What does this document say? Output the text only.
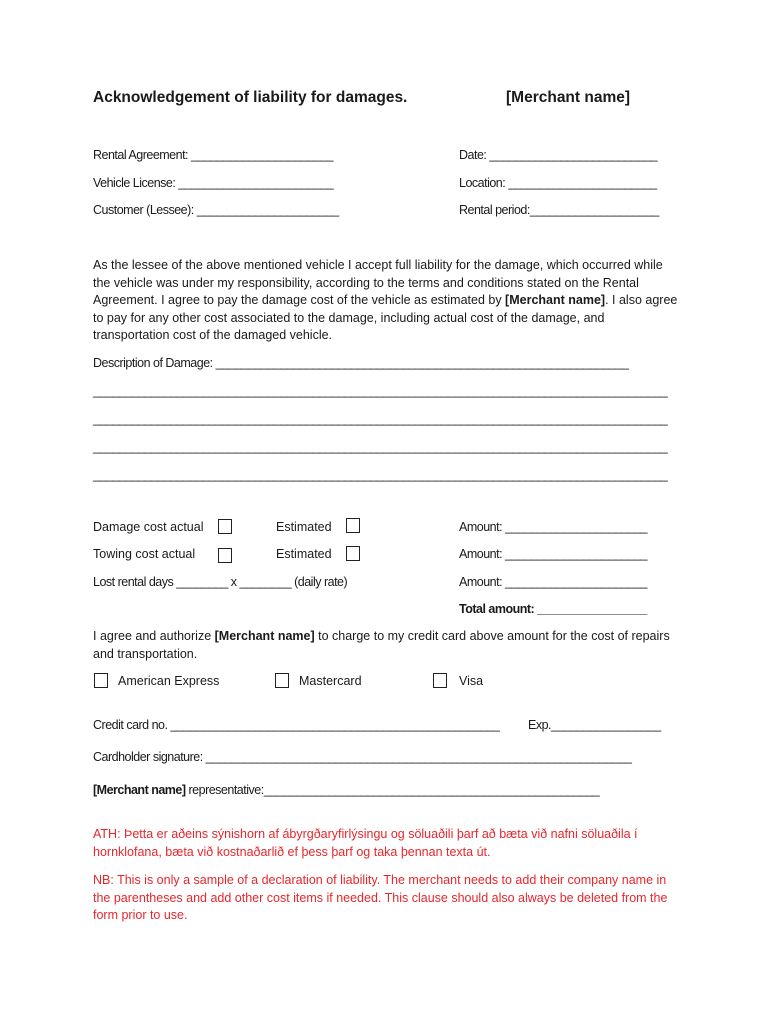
Acknowledgement of liability for damages.	[Merchant name]
Rental Agreement: ______________________	Date: __________________________
Vehicle License: ________________________	Location: _______________________
Customer (Lessee): ______________________	Rental period:____________________
As the lessee of the above mentioned vehicle I accept full liability for the damage, which occurred while the vehicle was under my responsibility, according to the terms and conditions stated on the Rental Agreement. I agree to pay the damage cost of the vehicle as estimated by [Merchant name]. I also agree to pay for any other cost associated to the damage, including actual cost of the damage, and transportation cost of the damaged vehicle.
Description of Damage: ________________________________________________________________
_________________________________________________________________________________________
_________________________________________________________________________________________
_________________________________________________________________________________________
_________________________________________________________________________________________
Damage cost actual	Estimated	Amount: ______________________
Towing cost actual	Estimated	Amount: ______________________
Lost rental days ________ x ________ (daily rate)	Amount: ______________________
Total amount: _________________
I agree and authorize [Merchant name] to charge to my credit card above amount for the cost of repairs and transportation.
American Express	Mastercard	Visa
Credit card no. ___________________________________________________ Exp._________________
Cardholder signature: __________________________________________________________________
[Merchant name] representative:____________________________________________________
ATH: Þetta er aðeins sýnishorn af ábyrgðaryfirlýsingu og söluaðili þarf að bæta við nafni söluaðila í hornklofana, bæta við kostnaðarlið ef þess þarf og taka þennan texta út.
NB: This is only a sample of a declaration of liability. The merchant needs to add their company name in the parentheses and add other cost items if needed. This clause should also always be deleted from the form prior to use.
